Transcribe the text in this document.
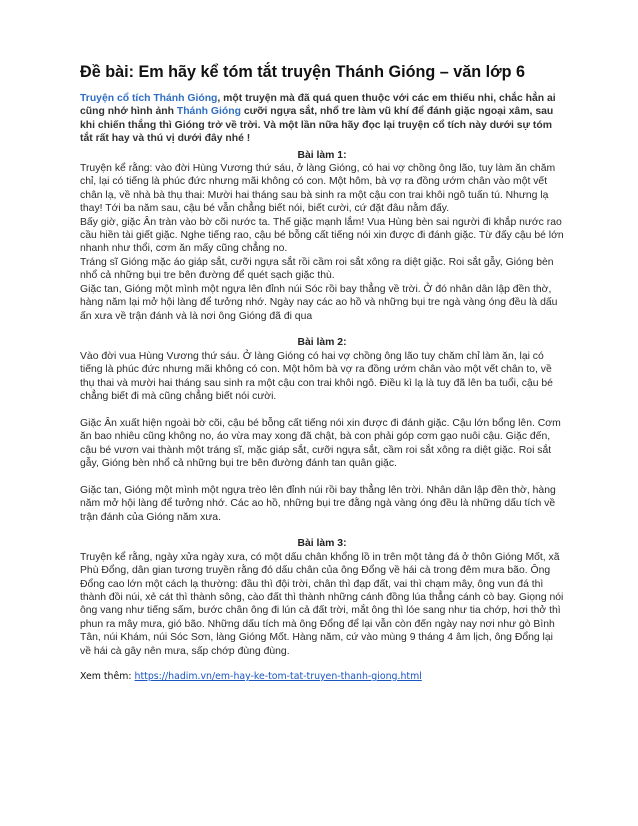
Đề bài: Em hãy kể tóm tắt truyện Thánh Gióng – văn lớp 6

Truyện cổ tích Thánh Gióng, một truyện mà đã quá quen thuộc với các em thiếu nhi, chắc hẳn ai cũng nhớ hình ảnh Thánh Gióng cưỡi ngựa sắt, nhổ tre làm vũ khí để đánh giặc ngoại xâm, sau khi chiến thắng thì Gióng trở về trời. Và một lần nữa hãy đọc lại truyện cổ tích này dưới sự tóm tắt rất hay và thú vị dưới đây nhé !

Bài làm 1:

Truyện kể rằng: vào đời Hùng Vương thứ sáu, ở làng Gióng, có hai vợ chồng ông lão, tuy làm ăn chăm chỉ, lại có tiếng là phúc đức nhưng mãi không có con. Một hôm, bà vợ ra đồng ướm chân vào một vết chân lạ, về nhà bà thụ thai: Mười hai tháng sau bà sinh ra một cậu con trai khôi ngô tuấn tú. Nhưng lạ thay! Tới ba năm sau, cậu bé vẫn chẳng biết nói, biết cười, cứ đặt đâu nằm đấy.

Bấy giờ, giặc Ân tràn vào bờ cõi nước ta. Thế giặc mạnh lắm! Vua Hùng bèn sai người đi khắp nước rao cầu hiền tài giết giặc. Nghe tiếng rao, cậu bé bỗng cất tiếng nói xin được đi đánh giặc. Từ đấy cậu bé lớn nhanh như thổi, cơm ăn mấy cũng chẳng no.

Tráng sĩ Gióng mặc áo giáp sắt, cưỡi ngựa sắt rồi cầm roi sắt xông ra diệt giặc. Roi sắt gẫy, Gióng bèn nhổ cả những bụi tre bên đường để quét sạch giặc thù.

Giặc tan, Gióng một mình một ngựa lên đỉnh núi Sóc rồi bay thẳng về trời. Ở đó nhân dân lập đền thờ, hàng năm lại mở hội làng để tưởng nhớ. Ngày nay các ao hồ và những bụi tre ngà vàng óng đều là dấu ấn xưa về trận đánh và là nơi ông Gióng đã đi qua

Bài làm 2:

Vào đời vua Hùng Vương thứ sáu. Ở làng Gióng có hai vợ chồng ông lão tuy chăm chỉ làm ăn, lại có tiếng là phúc đức nhưng mãi không có con. Một hôm bà vợ ra đồng ướm chân vào một vết chân to, về thụ thai và mười hai tháng sau sinh ra một cậu con trai khôi ngô. Điều kì lạ là tuy đã lên ba tuổi, cậu bé chẳng biết đi mà cũng chẳng biết nói cười.

Giặc Ân xuất hiện ngoài bờ cõi, cậu bé bỗng cất tiếng nói xin được đi đánh giặc. Cậu lớn bổng lên. Cơm ăn bao nhiêu cũng không no, áo vừa may xong đã chật, bà con phải góp cơm gạo nuôi cậu. Giặc đến, cậu bé vươn vai thành một tráng sĩ, mặc giáp sắt, cưỡi ngựa sắt, cầm roi sắt xông ra diệt giặc. Roi sắt gẫy, Gióng bèn nhổ cả những bụi tre bên đường đánh tan quân giặc.

Giặc tan, Gióng một mình một ngựa trèo lên đỉnh núi rồi bay thẳng lên trời. Nhân dân lập đền thờ, hàng năm mở hội làng để tưởng nhớ. Các ao hồ, những bụi tre đằng ngà vàng óng đều là những dấu tích về trận đánh của Gióng năm xưa.

Bài làm 3:

Truyện kể rằng, ngày xửa ngày xưa, có một dấu chân khổng lồ in trên một tảng đá ở thôn Gióng Mốt, xã Phù Đổng, dân gian tương truyền rằng đó dấu chân của ông Đổng về hái cà trong đêm mưa bão. Ông Đổng cao lớn một cách lạ thường: đầu thì đội trời, chân thì đạp đất, vai thì chạm mây, ông vun đá thì thành đồi núi, xẻ cát thì thành sông, cào đất thì thành những cánh đồng lúa thẳng cánh cò bay. Giọng nói ông vang như tiếng sấm, bước chân ông đi lún cả đất trời, mắt ông thì lóe sang như tia chớp, hơi thở thì phun ra mây mưa, gió bão. Những dấu tích mà ông Đổng để lại vẫn còn đến ngày nay nơi như gò Bình Tân, núi Khám, núi Sóc Sơn, làng Gióng Mốt. Hàng năm, cứ vào mùng 9 tháng 4 âm lịch, ông Đổng lại về hái cà gây nên mưa, sấp chớp đùng đùng.

Xem thêm: https://hadim.vn/em-hay-ke-tom-tat-truyen-thanh-giong.html
